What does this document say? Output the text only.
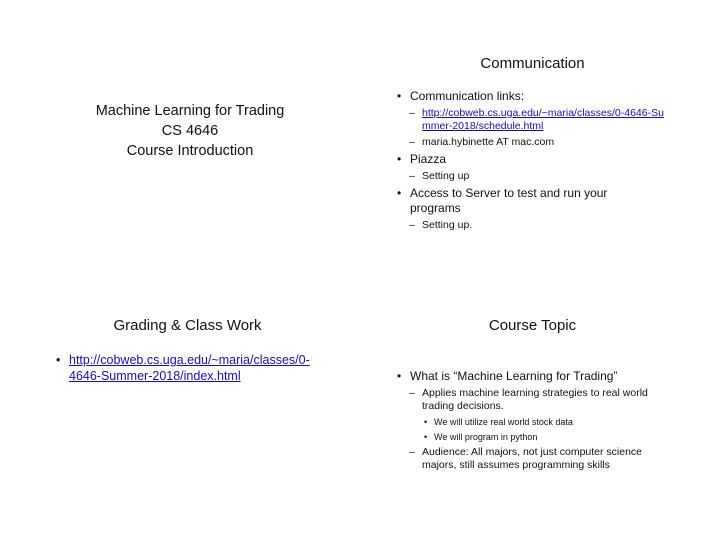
Machine Learning for Trading
CS 4646
Course Introduction
Communication
• Communication links:
– http://cobweb.cs.uga.edu/~maria/classes/0-4646-Summer-2018/schedule.html
– maria.hybinette AT mac.com
• Piazza
– Setting up
• Access to Server to test and run your programs
– Setting up.
Grading & Class Work
• http://cobweb.cs.uga.edu/~maria/classes/0-4646-Summer-2018/index.html
Course Topic
• What is “Machine Learning for Trading”
– Applies machine learning strategies to real world trading decisions.
• We will utilize real world stock data
• We will program in python
– Audience: All majors, not just computer science majors, still assumes programming skills
